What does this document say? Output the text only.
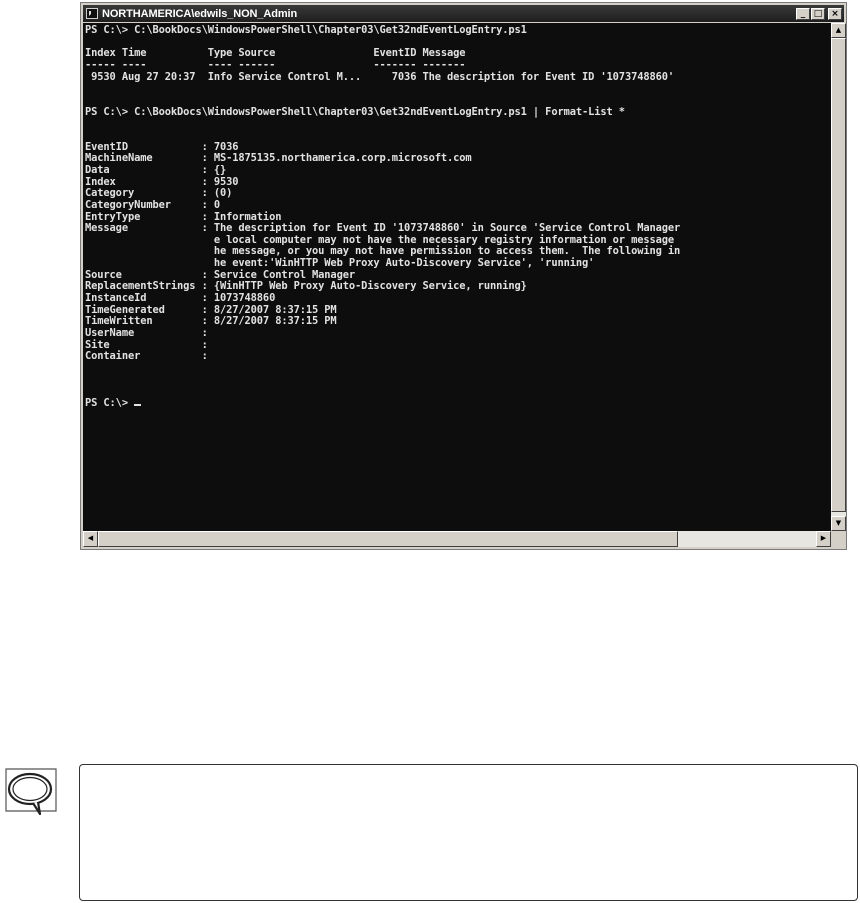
NORTHAMERICA\edwils_NON_Admin	_ □ ×
PS C:\> C:\BookDocs\WindowsPowerShell\Chapter03\Get32ndEventLogEntry.ps1

Index Time          Type Source                EventID Message
----- ----          ---- ------                ------- -------
9530 Aug 27 20:37  Info Service Control M...     7036 The description for Event ID '1073748860'

PS C:\> C:\BookDocs\WindowsPowerShell\Chapter03\Get32ndEventLogEntry.ps1 | Format-List *

EventID            : 7036
MachineName        : MS-1875135.northamerica.corp.microsoft.com
Data               : {}
Index              : 9530
Category           : (0)
CategoryNumber     : 0
EntryType          : Information
Message            : The description for Event ID '1073748860' in Source 'Service Control Manager
e local computer may not have the necessary registry information or message
he message, or you may not have permission to access them.  The following in
he event:'WinHTTP Web Proxy Auto-Discovery Service', 'running'
Source             : Service Control Manager
ReplacementStrings : {WinHTTP Web Proxy Auto-Discovery Service, running}
InstanceId         : 1073748860
TimeGenerated      : 8/27/2007 8:37:15 PM
TimeWritten        : 8/27/2007 8:37:15 PM
UserName           :
Site               :
Container          :

PS C:\>
▲
▼
◀	▶
